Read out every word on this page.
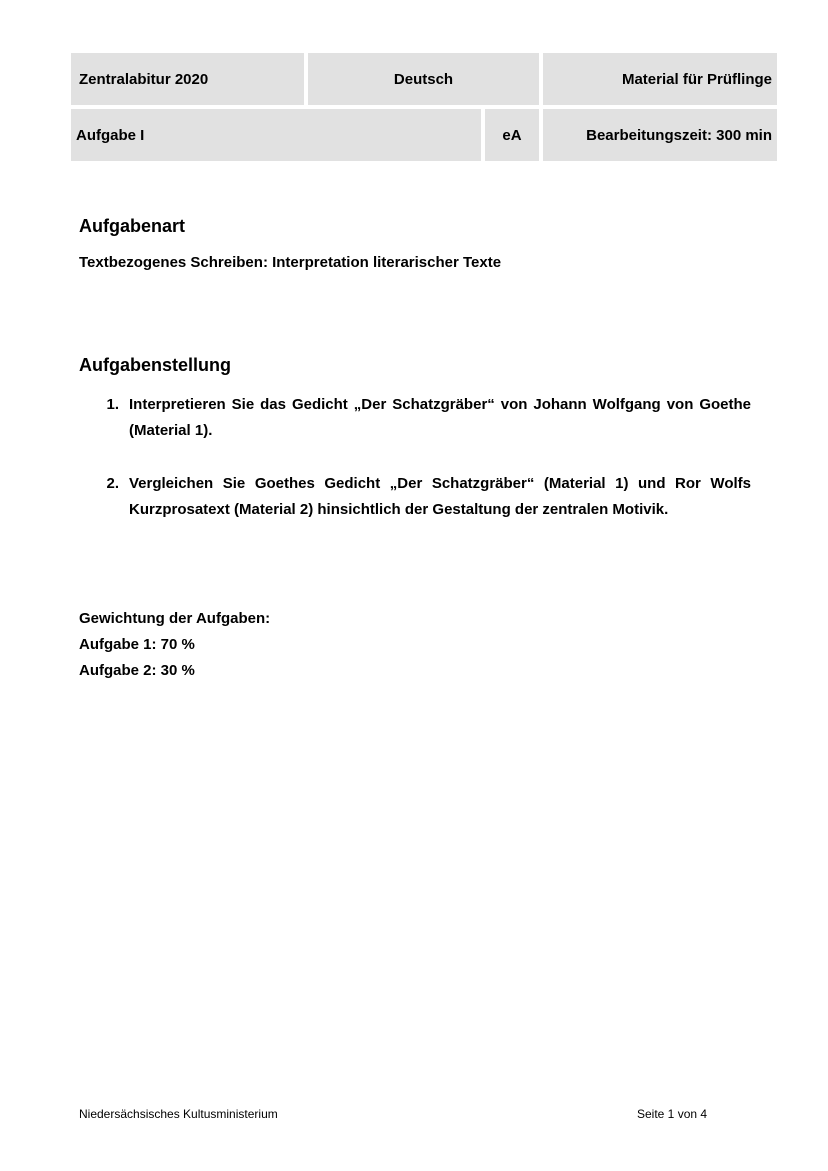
Zentralabitur 2020	Deutsch	Material für Prüflinge
Aufgabe I	eA	Bearbeitungszeit: 300 min
Aufgabenart

Textbezogenes Schreiben: Interpretation literarischer Texte

Aufgabenstellung
1. Interpretieren Sie das Gedicht „Der Schatzgräber“ von Johann Wolfgang von Goethe (Material 1).
2. Vergleichen Sie Goethes Gedicht „Der Schatzgräber“ (Material 1) und Ror Wolfs Kurzprosatext (Material 2) hinsichtlich der Gestaltung der zentralen Motivik.

Gewichtung der Aufgaben:

Aufgabe 1: 70 %

Aufgabe 2: 30 %

Niedersächsisches Kultusministerium	Seite 1 von 4
